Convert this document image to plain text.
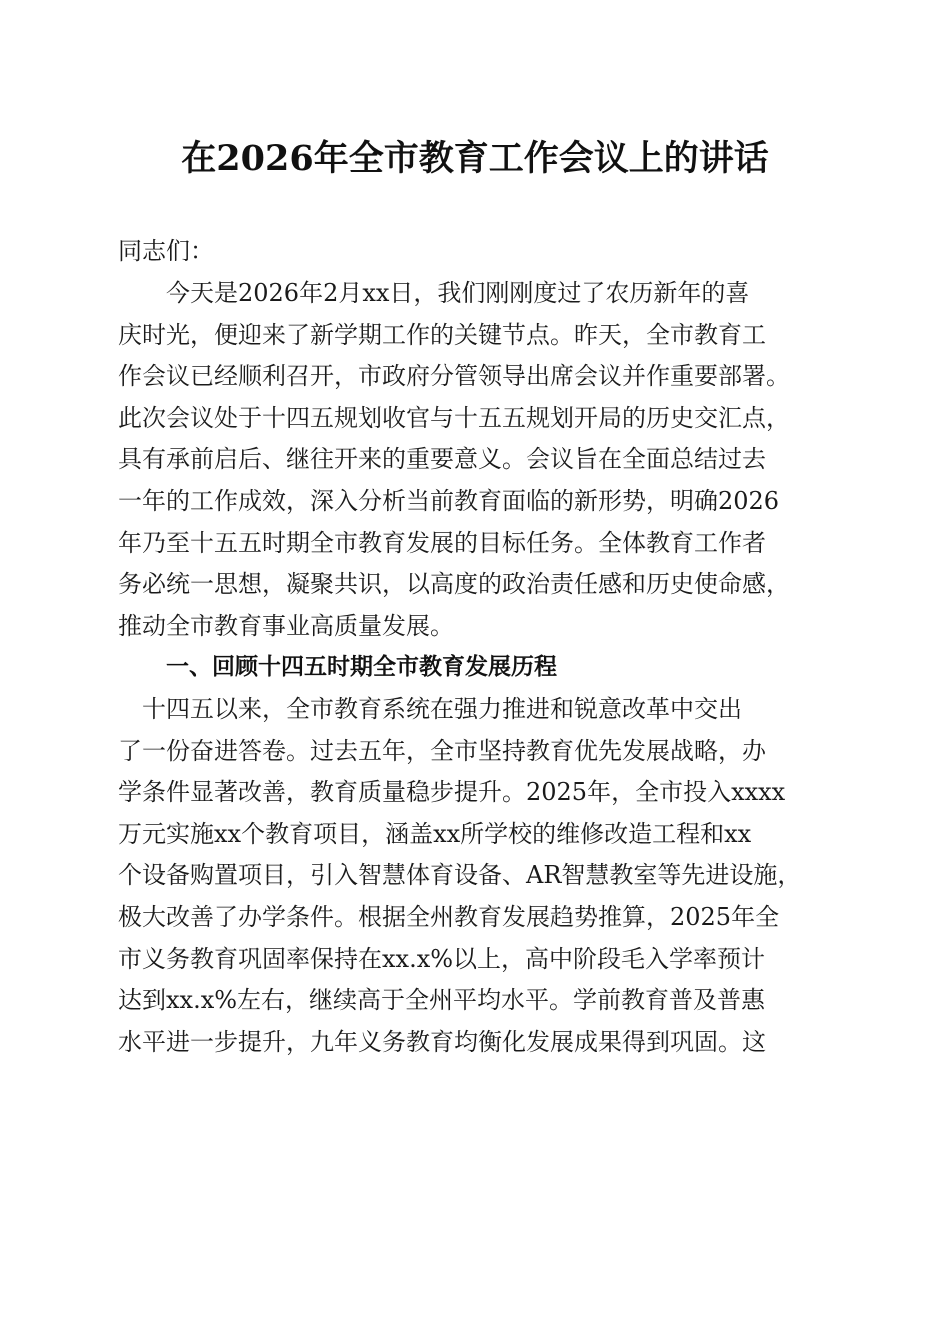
在2026年全市教育工作会议上的讲话
同志们：
今天是2026年2月xx日，我们刚刚度过了农历新年的喜
庆时光，便迎来了新学期工作的关键节点。昨天，全市教育工
作会议已经顺利召开，市政府分管领导出席会议并作重要部署。
此次会议处于十四五规划收官与十五五规划开局的历史交汇点，
具有承前启后、继往开来的重要意义。会议旨在全面总结过去
一年的工作成效，深入分析当前教育面临的新形势，明确2026
年乃至十五五时期全市教育发展的目标任务。全体教育工作者
务必统一思想，凝聚共识，以高度的政治责任感和历史使命感，
推动全市教育事业高质量发展。
一、回顾十四五时期全市教育发展历程
十四五以来，全市教育系统在强力推进和锐意改革中交出
了一份奋进答卷。过去五年，全市坚持教育优先发展战略，办
学条件显著改善，教育质量稳步提升。2025年，全市投入xxxx
万元实施xx个教育项目，涵盖xx所学校的维修改造工程和xx
个设备购置项目，引入智慧体育设备、AR智慧教室等先进设施，
极大改善了办学条件。根据全州教育发展趋势推算，2025年全
市义务教育巩固率保持在xx.x%以上，高中阶段毛入学率预计
达到xx.x%左右，继续高于全州平均水平。学前教育普及普惠
水平进一步提升，九年义务教育均衡化发展成果得到巩固。这
